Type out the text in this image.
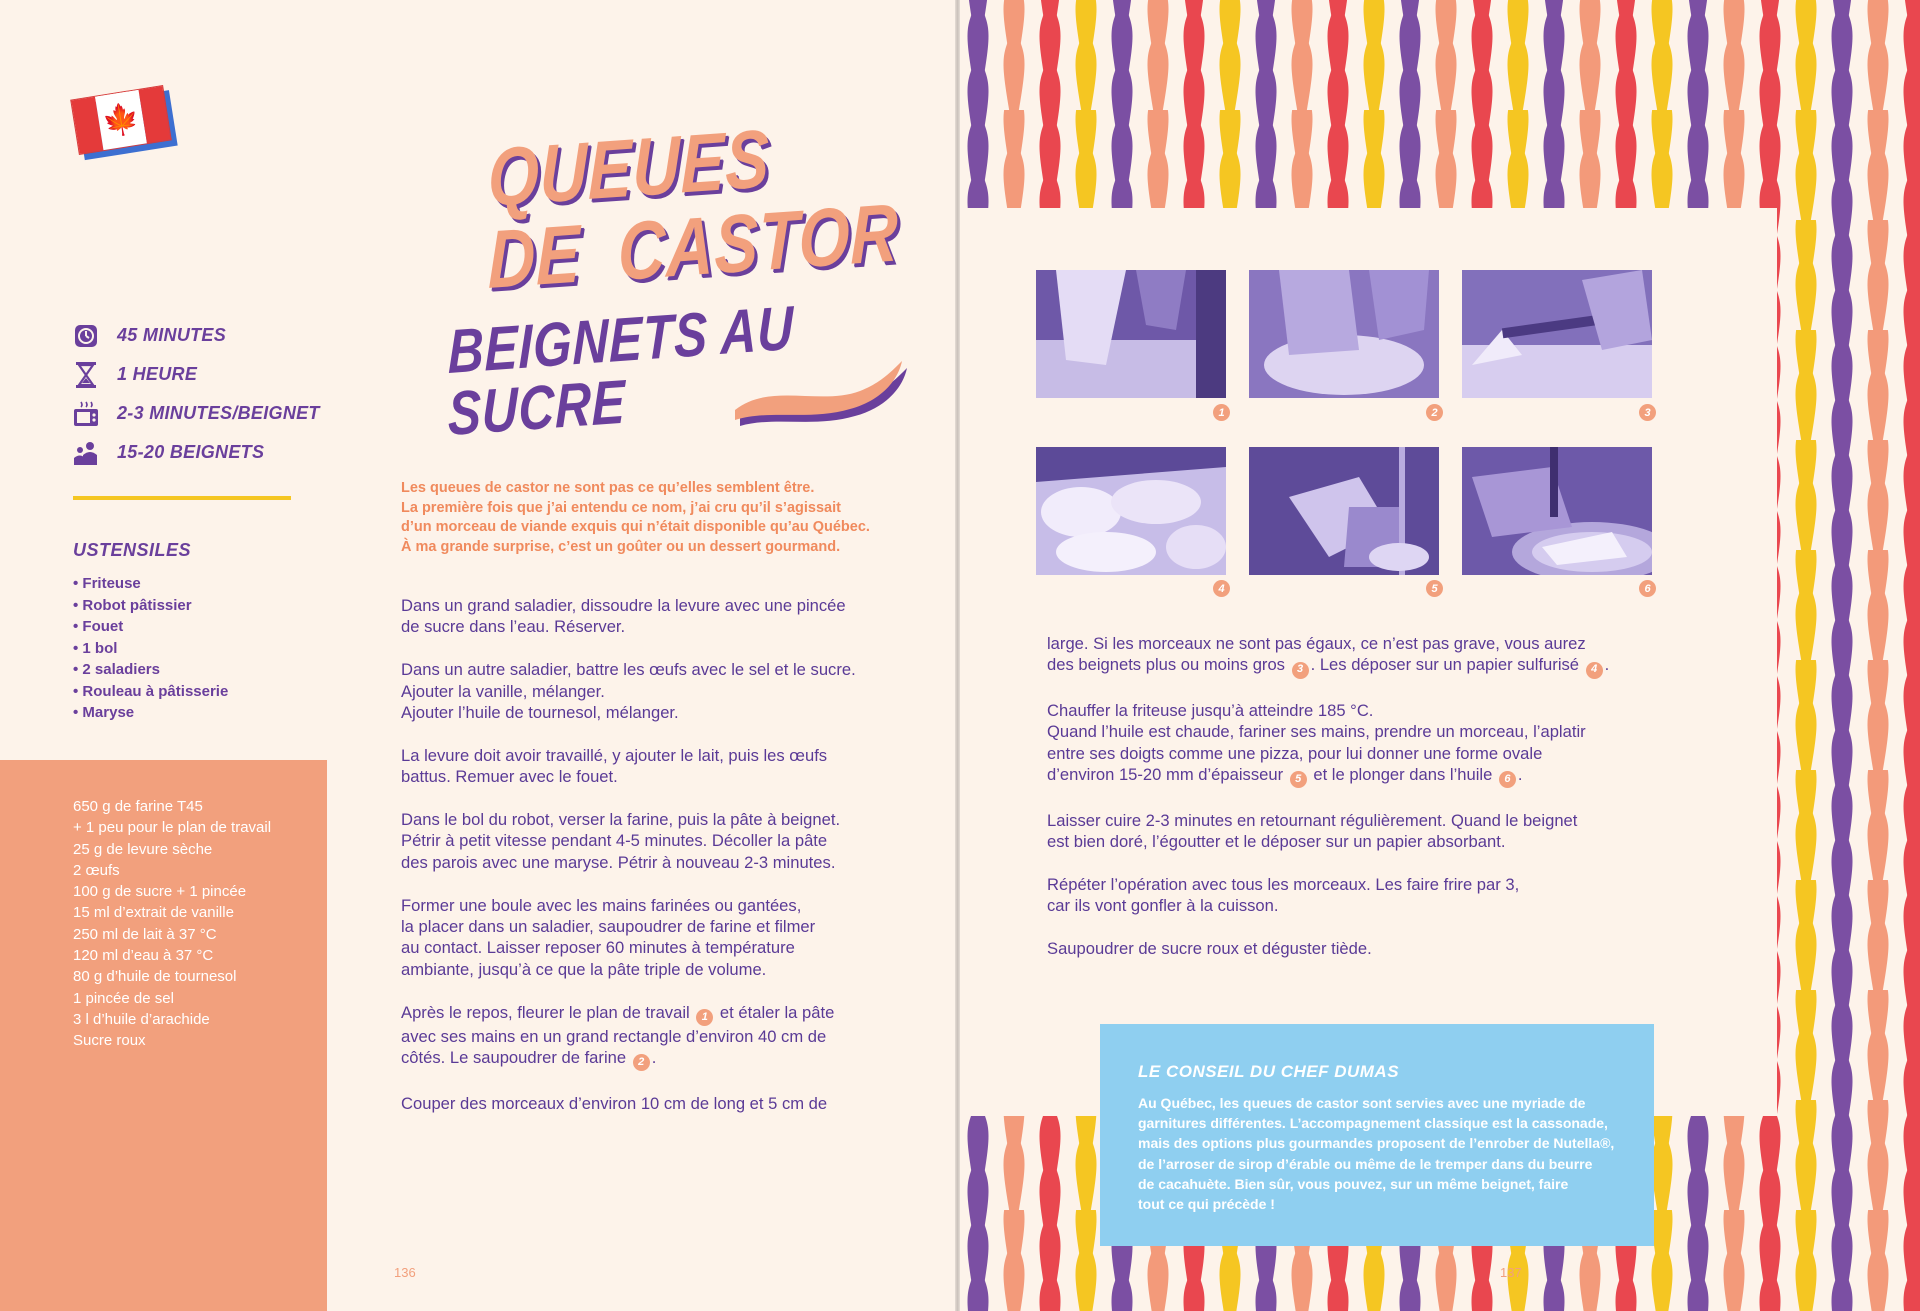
🍁	QUEUES DE CASTOR
BEIGNETS AU SUCRE
45 MINUTES
1 HEURE
2-3 MINUTES/BEIGNET
15-20 BEIGNETS
USTENSILES
• Friteuse
• Robot pâtissier
• Fouet
• 1 bol
• 2 saladiers
• Rouleau à pâtisserie
• Maryse
650 g de farine T45
+ 1 peu pour le plan de travail
25 g de levure sèche
2 œufs
100 g de sucre + 1 pincée
15 ml d’extrait de vanille
250 ml de lait à 37 °C
120 ml d’eau à 37 °C
80 g d’huile de tournesol
1 pincée de sel
3 l d’huile d’arachide
Sucre roux
Les queues de castor ne sont pas ce qu’elles semblent être.
La première fois que j’ai entendu ce nom, j’ai cru qu’il s’agissait
d’un morceau de viande exquis qui n’était disponible qu’au Québec.
À ma grande surprise, c’est un goûter ou un dessert gourmand.

Dans un grand saladier, dissoudre la levure avec une pincée
de sucre dans l’eau. Réserver.

Dans un autre saladier, battre les œufs avec le sel et le sucre.
Ajouter la vanille, mélanger.
Ajouter l’huile de tournesol, mélanger.

La levure doit avoir travaillé, y ajouter le lait, puis les œufs
battus. Remuer avec le fouet.

Dans le bol du robot, verser la farine, puis la pâte à beignet.
Pétrir à petit vitesse pendant 4-5 minutes. Décoller la pâte
des parois avec une maryse. Pétrir à nouveau 2-3 minutes.

Former une boule avec les mains farinées ou gantées,
la placer dans un saladier, saupoudrer de farine et filmer
au contact. Laisser reposer 60 minutes à température
ambiante, jusqu’à ce que la pâte triple de volume.

Après le repos, fleurer le plan de travail 1 et étaler la pâte
avec ses mains en un grand rectangle d’environ 40 cm de
côtés. Le saupoudrer de farine 2 .

Couper des morceaux d’environ 10 cm de long et 5 cm de

136
1	2	3
4	5	6

large. Si les morceaux ne sont pas égaux, ce n’est pas grave, vous aurez
des beignets plus ou moins gros 3 . Les déposer sur un papier sulfurisé 4 .

Chauffer la friteuse jusqu’à atteindre 185 °C.
Quand l’huile est chaude, fariner ses mains, prendre un morceau, l’aplatir
entre ses doigts comme une pizza, pour lui donner une forme ovale
d’environ 15-20 mm d’épaisseur 5 et le plonger dans l’huile 6 .

Laisser cuire 2-3 minutes en retournant régulièrement. Quand le beignet
est bien doré, l’égoutter et le déposer sur un papier absorbant.

Répéter l’opération avec tous les morceaux. Les faire frire par 3,
car ils vont gonfler à la cuisson.

Saupoudrer de sucre roux et déguster tiède.

LE CONSEIL DU CHEF DUMAS
Au Québec, les queues de castor sont servies avec une myriade de
garnitures différentes. L’accompagnement classique est la cassonade,
mais des options plus gourmandes proposent de l’enrober de Nutella®,
de l’arroser de sirop d’érable ou même de le tremper dans du beurre
de cacahuète. Bien sûr, vous pouvez, sur un même beignet, faire
tout ce qui précède !
137
